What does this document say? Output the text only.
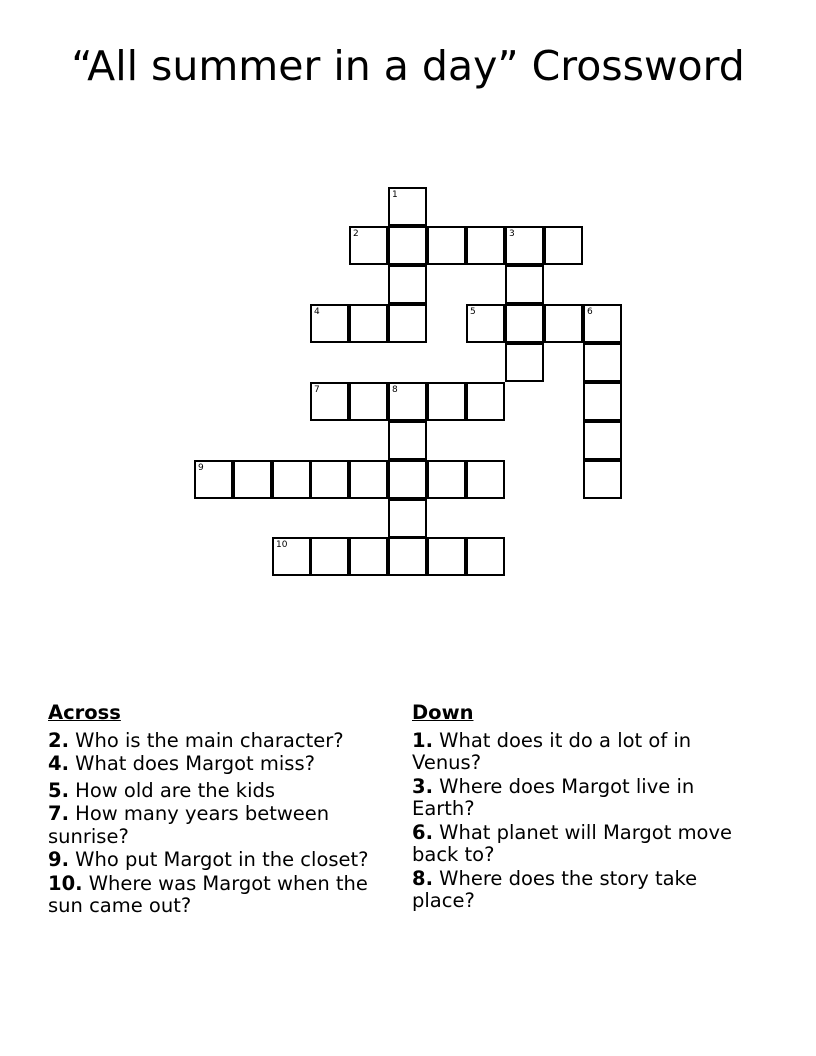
“All summer in a day” Crossword
1
2	3
4	5	6
7	8
9
10
Across
2. Who is the main character?
4. What does Margot miss?
5. How old are the kids
7. How many years between sunrise?
9. Who put Margot in the closet?
10. Where was Margot when the sun came out?
Down
1. What does it do a lot of in Venus?
3. Where does Margot live in Earth?
6. What planet will Margot move back to?
8. Where does the story take place?
